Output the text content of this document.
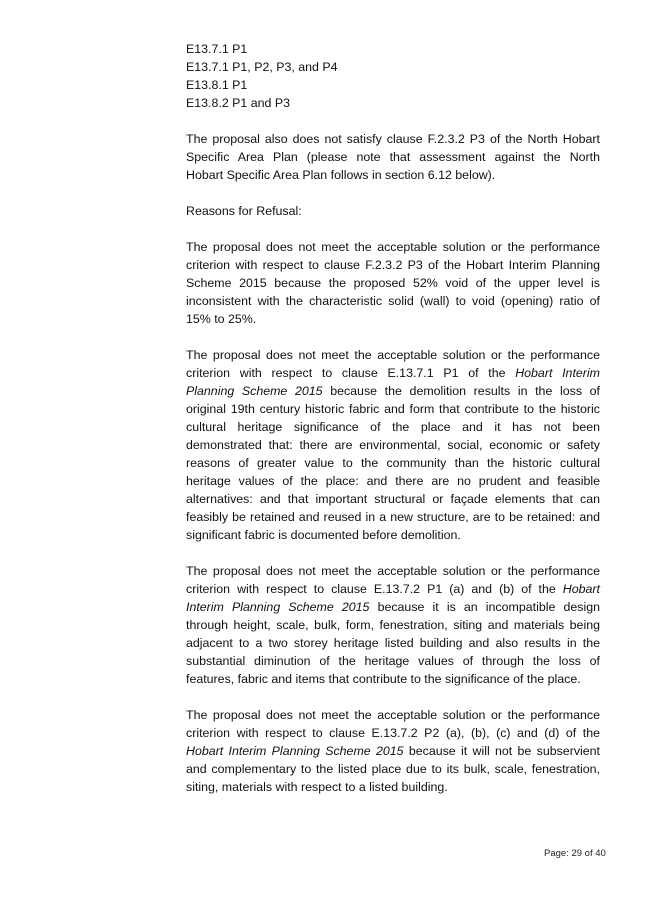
E13.7.1 P1
E13.7.1 P1, P2, P3, and P4
E13.8.1 P1
E13.8.2 P1 and P3
The proposal also does not satisfy clause F.2.3.2 P3 of the North Hobart
Specific Area Plan (please note that assessment against the North
Hobart Specific Area Plan follows in section 6.12 below).
Reasons for Refusal:
The proposal does not meet the acceptable solution or the performance
criterion with respect to clause F.2.3.2 P3 of the Hobart Interim Planning
Scheme 2015 because the proposed 52% void of the upper level is
inconsistent with the characteristic solid (wall) to void (opening) ratio of
15% to 25%.
The proposal does not meet the acceptable solution or the performance
criterion with respect to clause E.13.7.1 P1 of the Hobart Interim
Planning Scheme 2015 because the demolition results in the loss of
original 19th century historic fabric and form that contribute to the historic
cultural heritage significance of the place and it has not been
demonstrated that: there are environmental, social, economic or safety
reasons of greater value to the community than the historic cultural
heritage values of the place: and there are no prudent and feasible
alternatives: and that important structural or façade elements that can
feasibly be retained and reused in a new structure, are to be retained: and
significant fabric is documented before demolition.
The proposal does not meet the acceptable solution or the performance
criterion with respect to clause E.13.7.2 P1 (a) and (b) of the Hobart
Interim Planning Scheme 2015 because it is an incompatible design
through height, scale, bulk, form, fenestration, siting and materials being
adjacent to a two storey heritage listed building and also results in the
substantial diminution of the heritage values of through the loss of
features, fabric and items that contribute to the significance of the place.
The proposal does not meet the acceptable solution or the performance
criterion with respect to clause E.13.7.2 P2 (a), (b), (c) and (d) of the
Hobart Interim Planning Scheme 2015 because it will not be subservient
and complementary to the listed place due to its bulk, scale, fenestration,
siting, materials with respect to a listed building.
Page: 29 of 40
